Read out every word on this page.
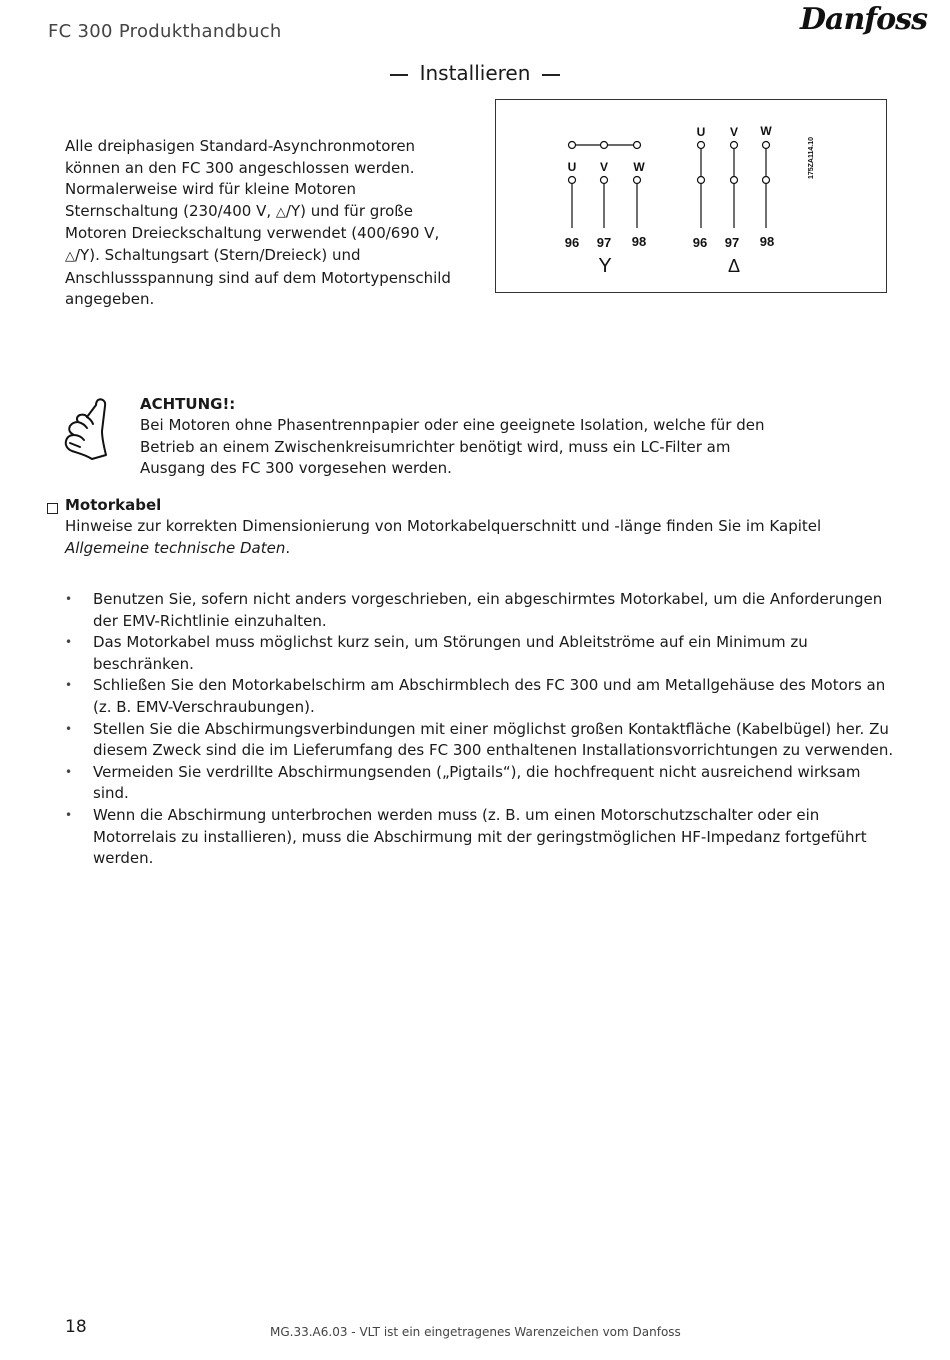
FC 300 Produkthandbuch	Danfoss
Installieren
Alle dreiphasigen Standard-Asynchronmotoren können an den FC 300 angeschlossen werden. Normalerweise wird für kleine Motoren Sternschaltung (230/400 V, △/Y) und für große Motoren Dreieckschaltung verwendet (400/690 V, △/Y). Schaltungsart (Stern/Dreieck) und Anschlussspannung sind auf dem Motortypenschild angegeben.
U V W
96 97 98
Y
U V W
96 97 98
Δ
175ZA114.10
ACHTUNG!:
Bei Motoren ohne Phasentrennpapier oder eine geeignete Isolation, welche für den Betrieb an einem Zwischenkreisumrichter benötigt wird, muss ein LC-Filter am Ausgang des FC 300 vorgesehen werden.
Motorkabel
Hinweise zur korrekten Dimensionierung von Motorkabelquerschnitt und -länge finden Sie im Kapitel Allgemeine technische Daten.
• Benutzen Sie, sofern nicht anders vorgeschrieben, ein abgeschirmtes Motorkabel, um die Anforderungen der EMV-Richtlinie einzuhalten.
• Das Motorkabel muss möglichst kurz sein, um Störungen und Ableitströme auf ein Minimum zu beschränken.
• Schließen Sie den Motorkabelschirm am Abschirmblech des FC 300 und am Metallgehäuse des Motors an (z. B. EMV-Verschraubungen).
• Stellen Sie die Abschirmungsverbindungen mit einer möglichst großen Kontaktfläche (Kabelbügel) her. Zu diesem Zweck sind die im Lieferumfang des FC 300 enthaltenen Installationsvorrichtungen zu verwenden.
• Vermeiden Sie verdrillte Abschirmungsenden („Pigtails“), die hochfrequent nicht ausreichend wirksam sind.
• Wenn die Abschirmung unterbrochen werden muss (z. B. um einen Motorschutzschalter oder ein Motorrelais zu installieren), muss die Abschirmung mit der geringstmöglichen HF-Impedanz fortgeführt werden.
18	MG.33.A6.03 - VLT ist ein eingetragenes Warenzeichen vom Danfoss
